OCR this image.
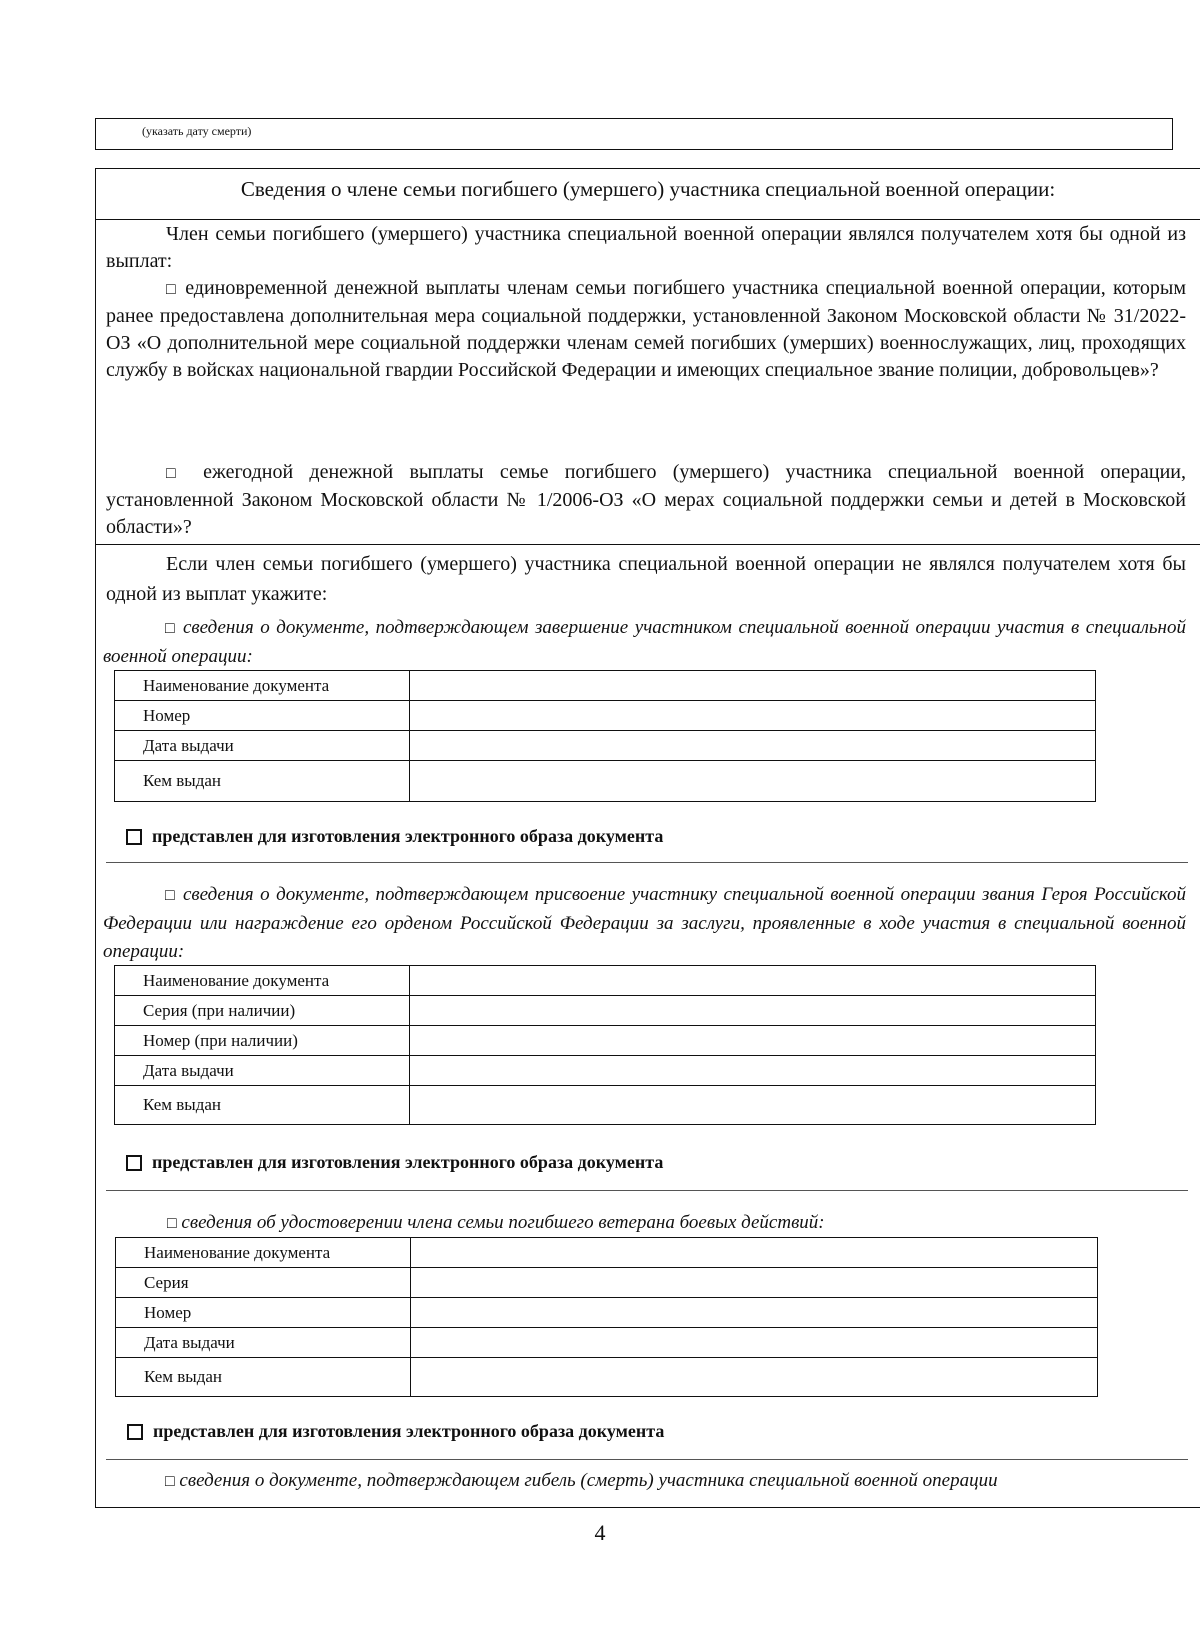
(указать дату смерти)
Сведения о члене семьи погибшего (умершего) участника специальной военной операции:
Член семьи погибшего (умершего) участника специальной военной операции являлся получателем хотя бы одной из выплат:
□ единовременной денежной выплаты членам семьи погибшего участника специальной военной операции, которым ранее предоставлена дополнительная мера социальной поддержки, установленной Законом Московской области № 31/2022-ОЗ «О дополнительной мере социальной поддержки членам семей погибших (умерших) военнослужащих, лиц, проходящих службу в войсках национальной гвардии Российской Федерации и имеющих специальное звание полиции, добровольцев»?
□ ежегодной денежной выплаты семье погибшего (умершего) участника специальной военной операции, установленной Законом Московской области № 1/2006-ОЗ «О мерах социальной поддержки семьи и детей в Московской области»?
Если член семьи погибшего (умершего) участника специальной военной операции не являлся получателем хотя бы одной из выплат укажите:
□ сведения о документе, подтверждающем завершение участником специальной военной операции участия в специальной военной операции:
Наименование документа	
Номер	
Дата выдачи	
Кем выдан	
представлен для изготовления электронного образа документа
□ сведения о документе, подтверждающем присвоение участнику специальной военной операции звания Героя Российской Федерации или награждение его орденом Российской Федерации за заслуги, проявленные в ходе участия в специальной военной операции:
Наименование документа	
Серия (при наличии)	
Номер (при наличии)	
Дата выдачи	
Кем выдан	
представлен для изготовления электронного образа документа
□ сведения об удостоверении члена семьи погибшего ветерана боевых действий:
Наименование документа	
Серия	
Номер	
Дата выдачи	
Кем выдан	
представлен для изготовления электронного образа документа
□ сведения о документе, подтверждающем гибель (смерть) участника специальной военной операции
4
